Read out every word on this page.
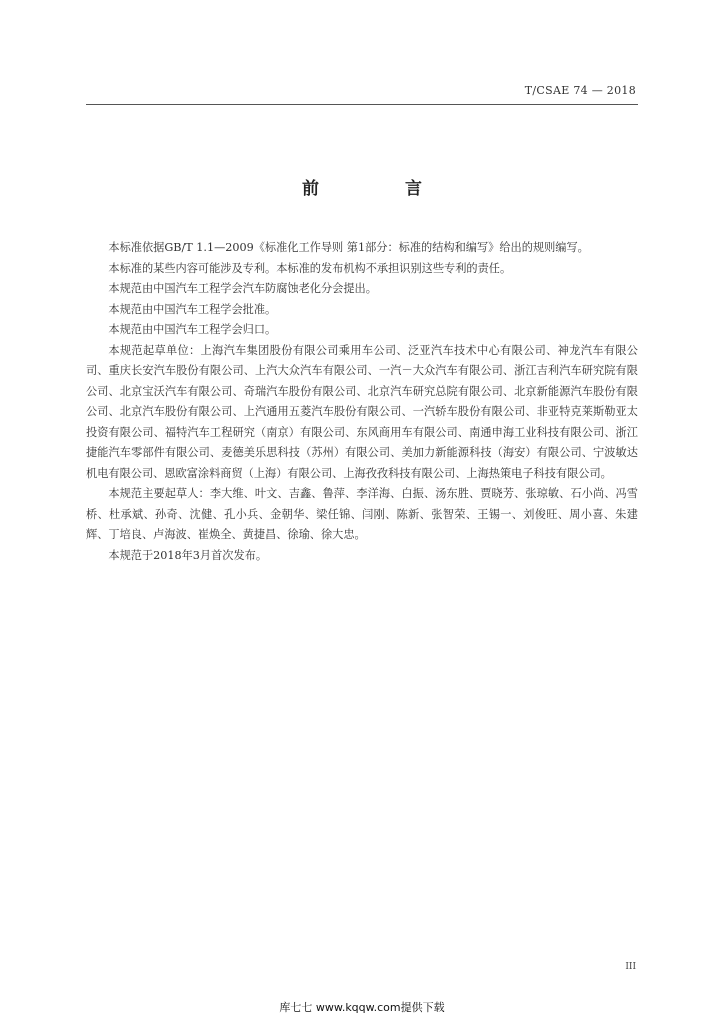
T/CSAE 74 — 2018
前 言

本标准依据GB/T 1.1—2009《标准化工作导则 第1部分：标准的结构和编写》给出的规则编写。

本标准的某些内容可能涉及专利。本标准的发布机构不承担识别这些专利的责任。

本规范由中国汽车工程学会汽车防腐蚀老化分会提出。

本规范由中国汽车工程学会批准。

本规范由中国汽车工程学会归口。

本规范起草单位：上海汽车集团股份有限公司乘用车公司、泛亚汽车技术中心有限公司、神龙汽车有限公司、重庆长安汽车股份有限公司、上汽大众汽车有限公司、一汽－大众汽车有限公司、浙江吉利汽车研究院有限公司、北京宝沃汽车有限公司、奇瑞汽车股份有限公司、北京汽车研究总院有限公司、北京新能源汽车股份有限公司、北京汽车股份有限公司、上汽通用五菱汽车股份有限公司、一汽轿车股份有限公司、非亚特克莱斯勒亚太投资有限公司、福特汽车工程研究（南京）有限公司、东风商用车有限公司、南通申海工业科技有限公司、浙江捷能汽车零部件有限公司、麦德美乐思科技（苏州）有限公司、美加力新能源科技（海安）有限公司、宁波敏达机电有限公司、恩欧富涂料商贸（上海）有限公司、上海孜孜科技有限公司、上海热策电子科技有限公司。

本规范主要起草人：李大维、叶文、吉鑫、鲁萍、李洋海、白振、汤东胜、贾晓芳、张琼敏、石小尚、冯雪桥、杜承斌、孙奇、沈健、孔小兵、金朝华、梁任锦、闫刚、陈新、张智荣、王锡一、刘俊旺、周小喜、朱建辉、丁培良、卢海波、崔焕全、黄捷昌、徐瑜、徐大忠。

本规范于2018年3月首次发布。

III
库七七 www.kqqw.com提供下载
